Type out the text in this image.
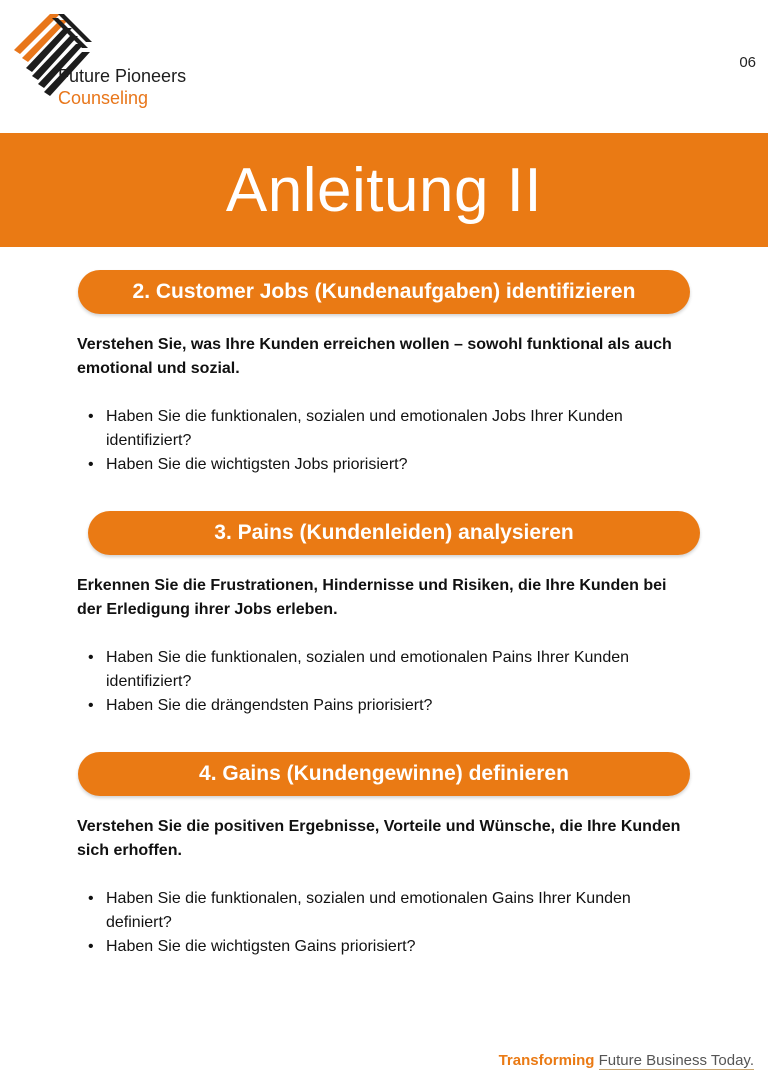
Future Pioneers
Counseling
06
Anleitung II
2. Customer Jobs (Kundenaufgaben) identifizieren
Verstehen Sie, was Ihre Kunden erreichen wollen – sowohl funktional als auch emotional und sozial.
• Haben Sie die funktionalen, sozialen und emotionalen Jobs Ihrer Kunden identifiziert?
• Haben Sie die wichtigsten Jobs priorisiert?
3. Pains (Kundenleiden) analysieren
Erkennen Sie die Frustrationen, Hindernisse und Risiken, die Ihre Kunden bei der Erledigung ihrer Jobs erleben.
• Haben Sie die funktionalen, sozialen und emotionalen Pains Ihrer Kunden identifiziert?
• Haben Sie die drängendsten Pains priorisiert?
4. Gains (Kundengewinne) definieren
Verstehen Sie die positiven Ergebnisse, Vorteile und Wünsche, die Ihre Kunden sich erhoffen.
• Haben Sie die funktionalen, sozialen und emotionalen Gains Ihrer Kunden definiert?
• Haben Sie die wichtigsten Gains priorisiert?
Transforming Future Business Today.
